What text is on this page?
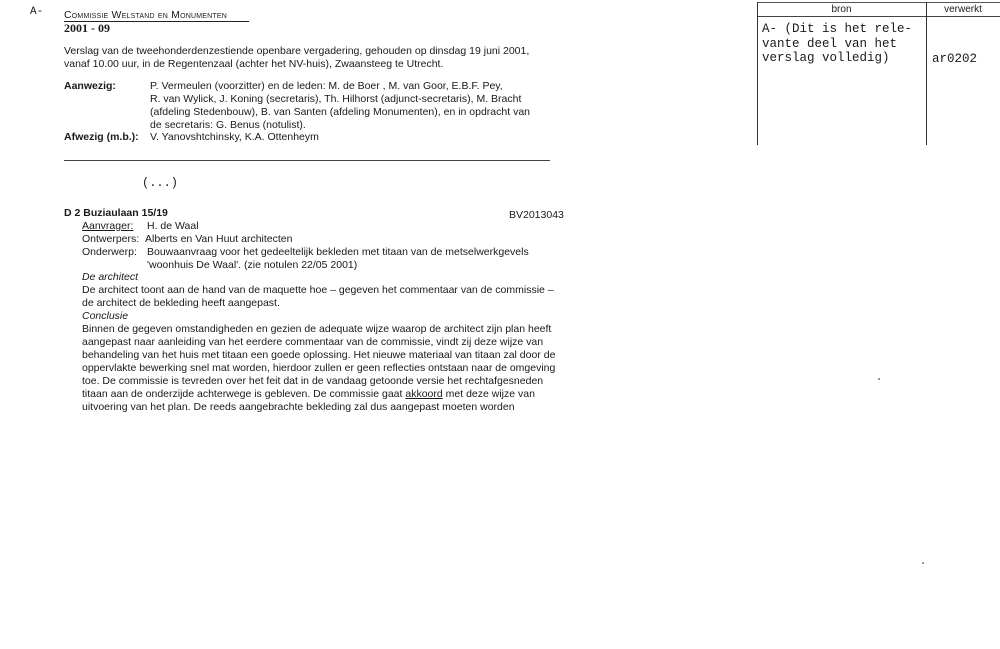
A- Commissie Welstand en Monumenten
2001 - 09
Verslag van de tweehonderdenzestiende openbare vergadering, gehouden op dinsdag 19 juni 2001,
vanaf 10.00 uur, in de Regentenzaal (achter het NV-huis), Zwaansteeg te Utrecht.
Aanwezig:	P. Vermeulen (voorzitter) en de leden: M. de Boer , M. van Goor, E.B.F. Pey,
R. van Wylick, J. Koning (secretaris), Th. Hilhorst (adjunct-secretaris), M. Bracht
(afdeling Stedenbouw), B. van Santen (afdeling Monumenten), en in opdracht van
de secretaris: G. Benus (notulist).
Afwezig (m.b.): V. Yanovshtchinsky, K.A. Ottenheym
(...)
D 2 Buziaulaan 15/19	BV2013043
Aanvrager: H. de Waal
Ontwerpers: Alberts en Van Huut architecten
Onderwerp: Bouwaanvraag voor het gedeeltelijk bekleden met titaan van de metselwerkgevels
'woonhuis De Waal'. (zie notulen 22/05 2001)
De architect
De architect toont aan de hand van de maquette hoe – gegeven het commentaar van de commissie –
de architect de bekleding heeft aangepast.
Conclusie
Binnen de gegeven omstandigheden en gezien de adequate wijze waarop de architect zijn plan heeft
aangepast naar aanleiding van het eerdere commentaar van de commissie, vindt zij deze wijze van
behandeling van het huis met titaan een goede oplossing. Het nieuwe materiaal van titaan zal door de
oppervlakte bewerking snel mat worden, hierdoor zullen er geen reflecties ontstaan naar de omgeving
toe. De commissie is tevreden over het feit dat in de vandaag getoonde versie het rechtafgesneden
titaan aan de onderzijde achterwege is gebleven. De commissie gaat akkoord met deze wijze van
uitvoering van het plan. De reeds aangebrachte bekleding zal dus aangepast moeten worden
bron	verwerkt
A- (Dit is het rele-
vante deel van het
verslag volledig)	ar0202
